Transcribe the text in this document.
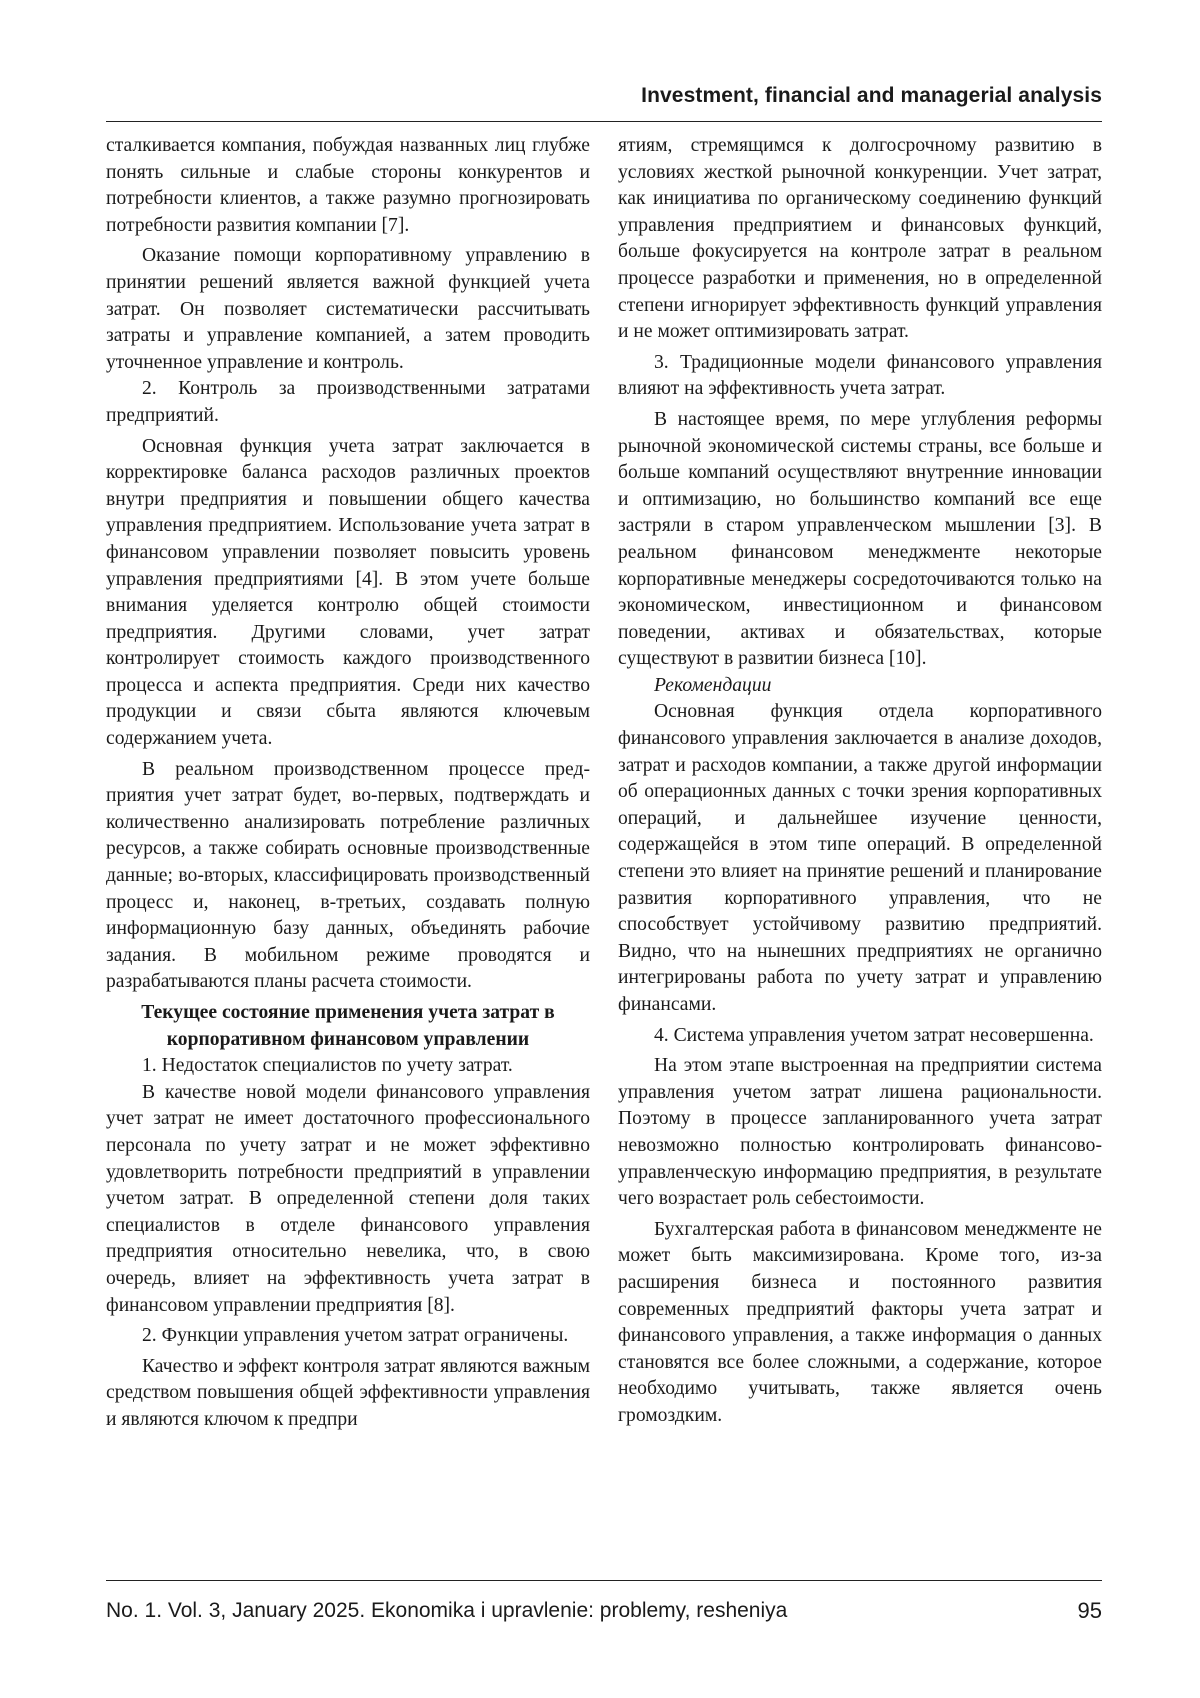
Investment, financial and managerial analysis

сталкивается компания, побуждая названных лиц глубже понять сильные и слабые стороны конкурентов и потребности клиентов, а также разумно прогнозировать потребности развития компании [7].

Оказание помощи корпоративному управлению в принятии решений является важной функцией учета затрат. Он позволяет систематически рассчитывать затраты и управление компанией, а затем проводить уточненное управление и контроль.

2. Контроль за производственными затратами предприятий.

Основная функция учета затрат заключается в корректировке баланса расходов различных проектов внутри предприятия и повышении общего качества управления предприятием. Использование учета затрат в финансовом управлении позволяет повысить уровень управления предприятиями [4]. В этом учете больше внимания уделяется контролю общей стоимости предприятия. Другими словами, учет затрат контролирует стоимость каждого производственного процесса и аспекта предприятия. Среди них качество продукции и связи сбыта являются ключевым содержанием учета.

В реальном производственном процессе предприятия учет затрат будет, во-первых, подтверждать и количественно анализировать потребление различных ресурсов, а также собирать основные производственные данные; во-вторых, классифицировать производственный процесс и, наконец, в-третьих, создавать полную информационную базу данных, объединять рабочие задания. В мобильном режиме проводятся и разрабатываются планы расчета стоимости.

Текущее состояние применения учета затрат в корпоративном финансовом управлении

1. Недостаток специалистов по учету затрат.

В качестве новой модели финансового управления учет затрат не имеет достаточного профессионального персонала по учету затрат и не может эффективно удовлетворить потребности предприятий в управлении учетом затрат. В определенной степени доля таких специалистов в отделе финансового управления предприятия относительно невелика, что, в свою очередь, влияет на эффективность учета затрат в финансовом управлении предприятия [8].

2. Функции управления учетом затрат ограничены.

Качество и эффект контроля затрат являются важным средством повышения общей эффективности управления и являются ключом к предпри

ятиям, стремящимся к долгосрочному развитию в условиях жесткой рыночной конкуренции. Учет затрат, как инициатива по органическому соединению функций управления предприятием и финансовых функций, больше фокусируется на контроле затрат в реальном процессе разработки и применения, но в определенной степени игнорирует эффективность функций управления и не может оптимизировать затрат.

3. Традиционные модели финансового управления влияют на эффективность учета затрат.

В настоящее время, по мере углубления реформы рыночной экономической системы страны, все больше и больше компаний осуществляют внутренние инновации и оптимизацию, но большинство компаний все еще застряли в старом управленческом мышлении [3]. В реальном финансовом менеджменте некоторые корпоративные менеджеры сосредоточиваются только на экономическом, инвестиционном и финансовом поведении, активах и обязательствах, которые существуют в развитии бизнеса [10].

Рекомендации

Основная функция отдела корпоративного финансового управления заключается в анализе доходов, затрат и расходов компании, а также другой информации об операционных данных с точки зрения корпоративных операций, и дальнейшее изучение ценности, содержащейся в этом типе операций. В определенной степени это влияет на принятие решений и планирование развития корпоративного управления, что не способствует устойчивому развитию предприятий. Видно, что на нынешних предприятиях не органично интегрированы работа по учету затрат и управлению финансами.

4. Система управления учетом затрат несовершенна.

На этом этапе выстроенная на предприятии система управления учетом затрат лишена рациональности. Поэтому в процессе запланированного учета затрат невозможно полностью контролировать финансово-управленческую информацию предприятия, в результате чего возрастает роль себестоимости.

Бухгалтерская работа в финансовом менеджменте не может быть максимизирована. Кроме того, из-за расширения бизнеса и постоянного развития современных предприятий факторы учета затрат и финансового управления, а также информация о данных становятся все более сложными, а содержание, которое необходимо учитывать, также является очень громоздким.

No. 1. Vol. 3, January 2025. Ekonomika i upravlenie: problemy, resheniya	95
